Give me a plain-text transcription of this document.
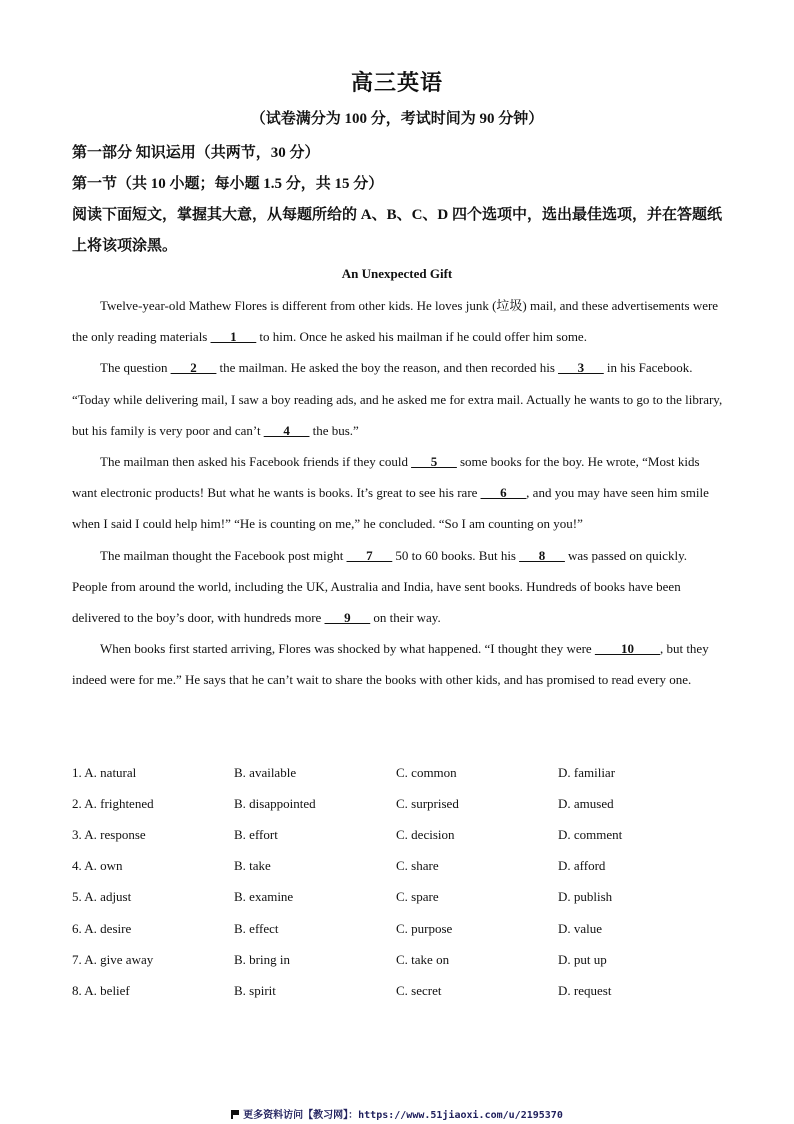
高三英语
（试卷满分为 100 分，考试时间为 90 分钟）
第一部分 知识运用（共两节，30 分）
第一节（共 10 小题；每小题 1.5 分，共 15 分）
阅读下面短文，掌握其大意，从每题所给的 A、B、C、D 四个选项中，选出最佳选项，并在答题纸上将该项涂黑。
An Unexpected Gift

Twelve-year-old Mathew Flores is different from other kids. He loves junk (垃圾) mail, and these advertisements were the only reading materials ___1___ to him. Once he asked his mailman if he could offer him some.

The question ___2___ the mailman. He asked the boy the reason, and then recorded his ___3___ in his Facebook. “Today while delivering mail, I saw a boy reading ads, and he asked me for extra mail. Actually he wants to go to the library, but his family is very poor and can’t ___4___ the bus.”

The mailman then asked his Facebook friends if they could ___5___ some books for the boy. He wrote, “Most kids want electronic products! But what he wants is books. It’s great to see his rare ___6___, and you may have seen him smile when I said I could help him!” “He is counting on me,” he concluded. “So I am counting on you!”

The mailman thought the Facebook post might ___7___ 50 to 60 books. But his ___8___ was passed on quickly. People from around the world, including the UK, Australia and India, have sent books. Hundreds of books have been delivered to the boy’s door, with hundreds more ___9___ on their way.

When books first started arriving, Flores was shocked by what happened. “I thought they were ____10____, but they indeed were for me.” He says that he can’t wait to share the books with other kids, and has promised to read every one.

1. A. natural	B. available	C. common	D. familiar
2. A. frightened	B. disappointed	C. surprised	D. amused
3. A. response	B. effort	C. decision	D. comment
4. A. own	B. take	C. share	D. afford
5. A. adjust	B. examine	C. spare	D. publish
6. A. desire	B. effect	C. purpose	D. value
7. A. give away	B. bring in	C. take on	D. put up
8. A. belief	B. spirit	C. secret	D. request
更多资料访问【教习网】：https://www.51jiaoxi.com/u/2195370
